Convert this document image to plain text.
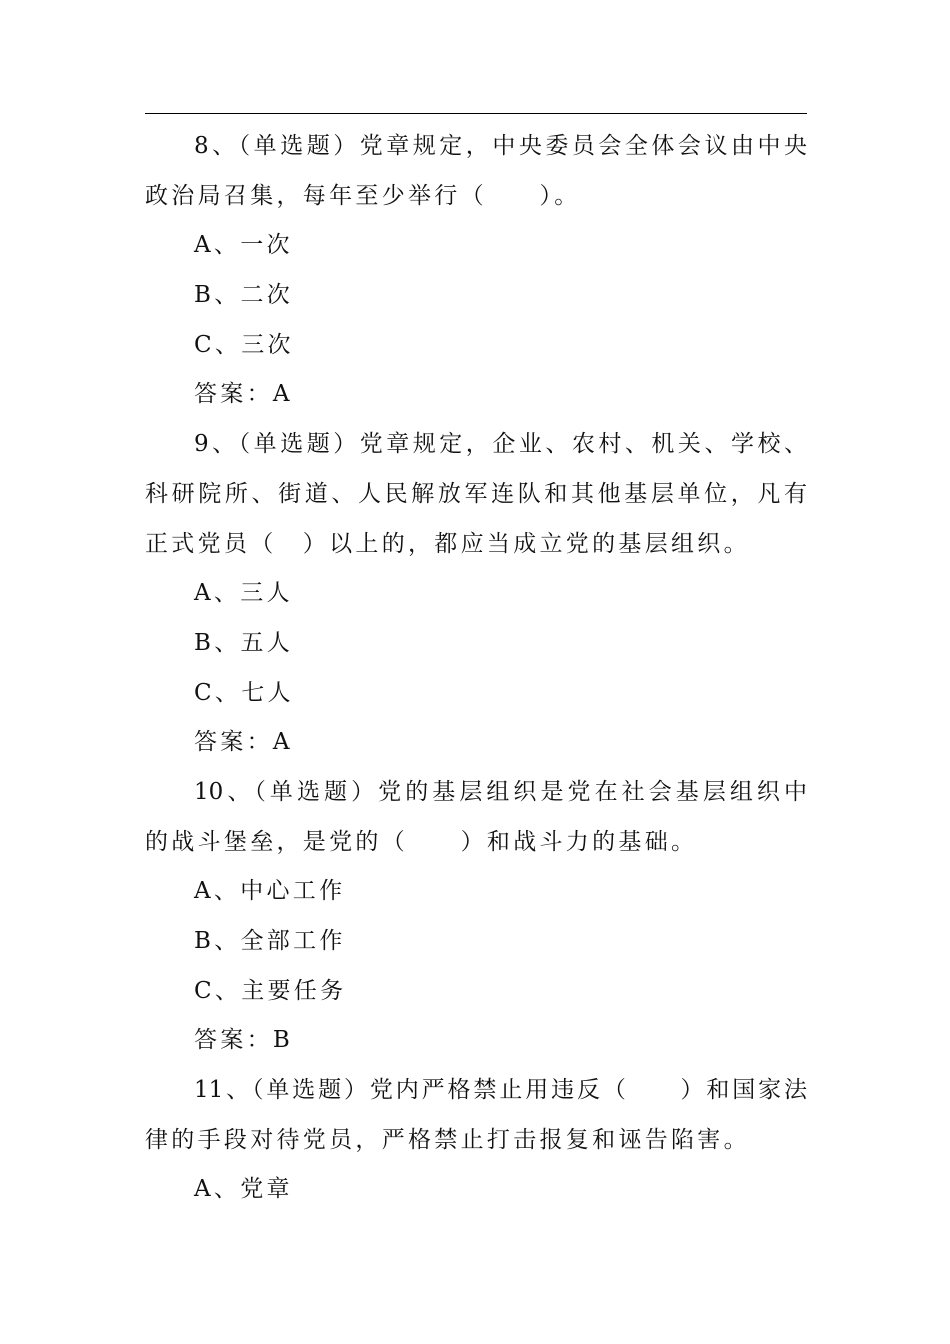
8、（单选题）党章规定，中央委员会全体会议由中央
政治局召集，每年至少举行（　　）。
A、一次
B、二次
C、三次
答案：A
9、（单选题）党章规定，企业、农村、机关、学校、
科研院所、街道、人民解放军连队和其他基层单位，凡有
正式党员（　）以上的，都应当成立党的基层组织。
A、三人
B、五人
C、七人
答案：A
10、（单选题）党的基层组织是党在社会基层组织中
的战斗堡垒，是党的（　　）和战斗力的基础。
A、中心工作
B、全部工作
C、主要任务
答案：B
11、（单选题）党内严格禁止用违反（　　）和国家法
律的手段对待党员，严格禁止打击报复和诬告陷害。
A、党章
